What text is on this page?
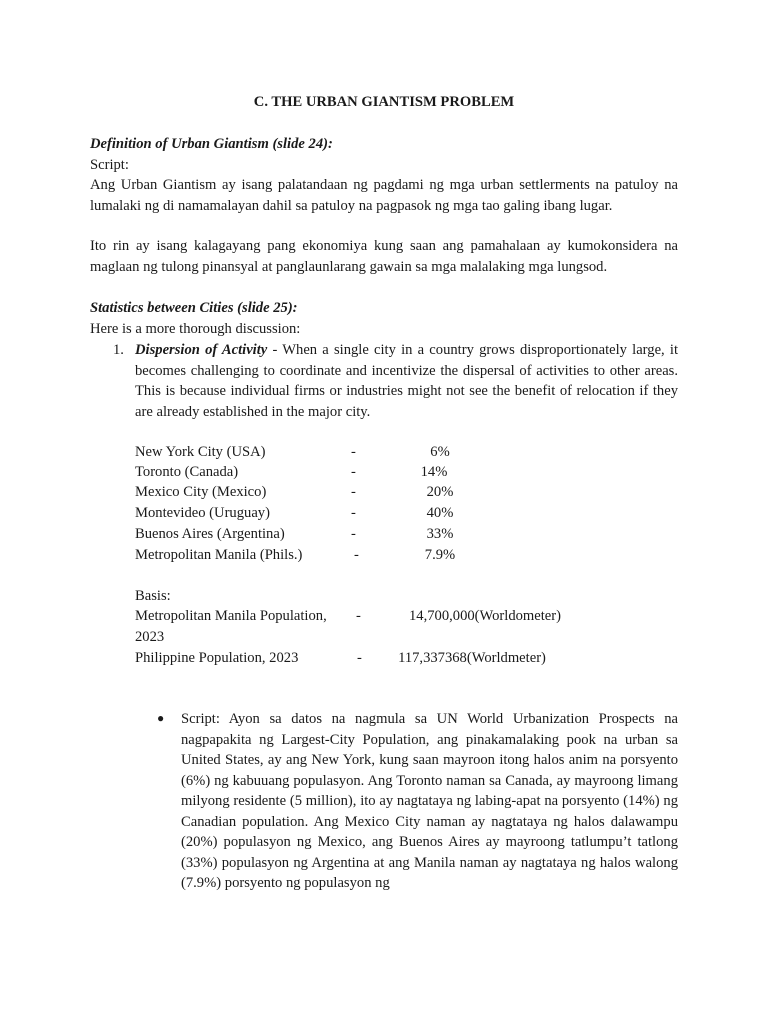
C. THE URBAN GIANTISM PROBLEM
Definition of Urban Giantism (slide 24):
Script:
Ang Urban Giantism ay isang palatandaan ng pagdami ng mga urban settlerments na patuloy na lumalaki ng di namamalayan dahil sa patuloy na pagpasok ng mga tao galing ibang lugar.
Ito rin ay isang kalagayang pang ekonomiya kung saan ang pamahalaan ay kumokonsidera na maglaan ng tulong pinansyal at panglaunlarang gawain sa mga malalaking mga lungsod.
Statistics between Cities (slide 25):
Here is a more thorough discussion:
1. Dispersion of Activity - When a single city in a country grows disproportionately large, it becomes challenging to coordinate and incentivize the dispersal of activities to other areas. This is because individual firms or industries might not see the benefit of relocation if they are already established in the major city.
New York City (USA)	-	6%
Toronto (Canada)	-	14%
Mexico City (Mexico)	-	20%
Montevideo (Uruguay)	-	40%
Buenos Aires (Argentina)	-	33%
Metropolitan Manila (Phils.)	-	7.9%
Basis:
Metropolitan Manila Population, -	14,700,000(Worldometer)
2023
Philippine Population, 2023	-	117,337368(Worldmeter)
● Script: Ayon sa datos na nagmula sa UN World Urbanization Prospects na nagpapakita ng Largest-City Population, ang pinakamalaking pook na urban sa United States, ay ang New York, kung saan mayroon itong halos anim na porsyento (6%) ng kabuuang populasyon. Ang Toronto naman sa Canada, ay mayroong limang milyong residente (5 million), ito ay nagtataya ng labing-apat na porsyento (14%) ng Canadian population. Ang Mexico City naman ay nagtataya ng halos dalawampu (20%) populasyon ng Mexico, ang Buenos Aires ay mayroong tatlumpu’t tatlong (33%) populasyon ng Argentina at ang Manila naman ay nagtataya ng halos walong (7.9%) porsyento ng populasyon ng
